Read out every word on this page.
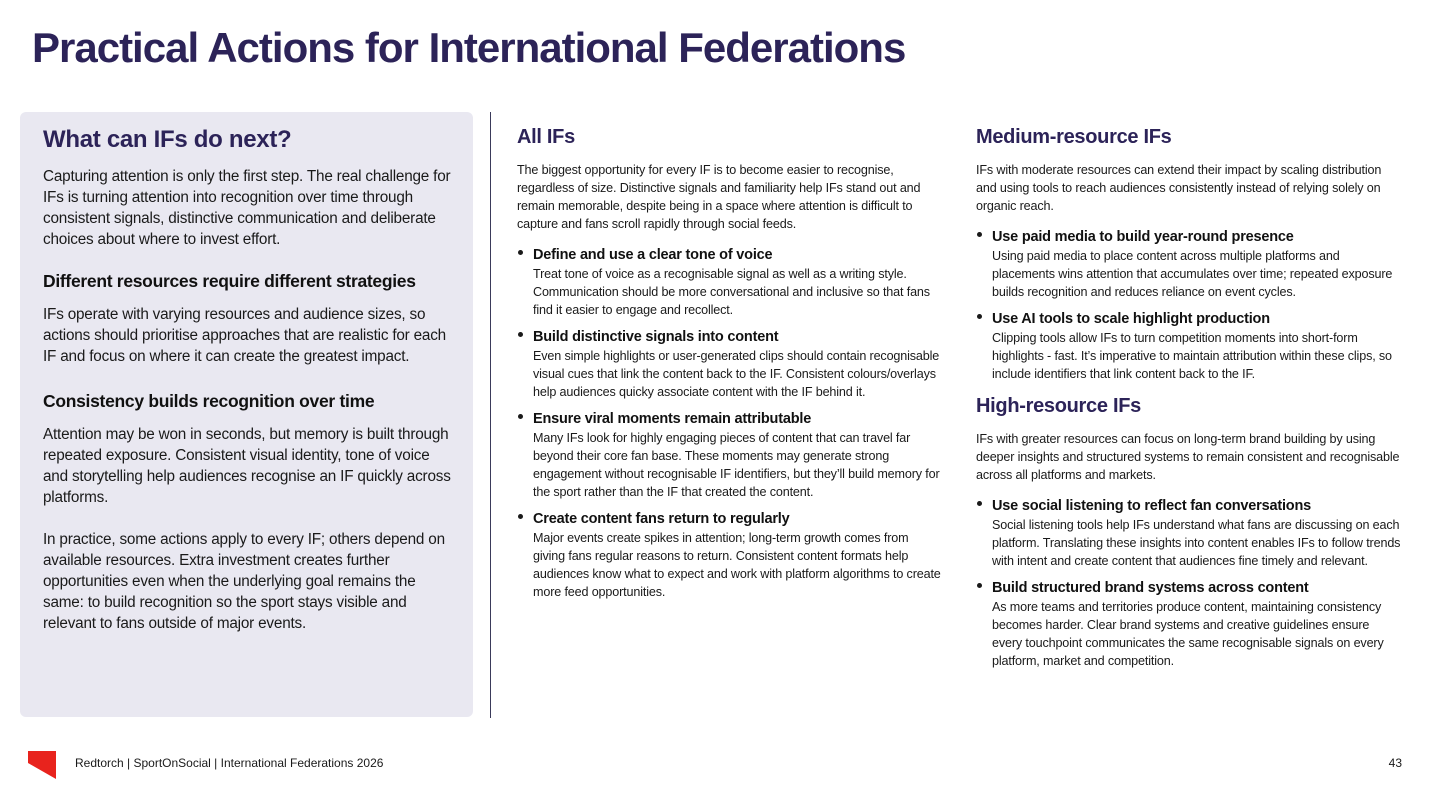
Practical Actions for International Federations
What can IFs do next?

Capturing attention is only the first step. The real challenge for IFs is turning attention into recognition over time through consistent signals, distinctive communication and deliberate choices about where to invest effort.

Different resources require different strategies

IFs operate with varying resources and audience sizes, so actions should prioritise approaches that are realistic for each IF and focus on where it can create the greatest impact.

Consistency builds recognition over time

Attention may be won in seconds, but memory is built through repeated exposure. Consistent visual identity, tone of voice and storytelling help audiences recognise an IF quickly across platforms.

In practice, some actions apply to every IF; others depend on available resources. Extra investment creates further opportunities even when the underlying goal remains the same: to build recognition so the sport stays visible and relevant to fans outside of major events.

All IFs

The biggest opportunity for every IF is to become easier to recognise, regardless of size. Distinctive signals and familiarity help IFs stand out and remain memorable, despite being in a space where attention is difficult to capture and fans scroll rapidly through social feeds.

Define and use a clear tone of voice
Treat tone of voice as a recognisable signal as well as a writing style. Communication should be more conversational and inclusive so that fans find it easier to engage and recollect.
Build distinctive signals into content
Even simple highlights or user-generated clips should contain recognisable visual cues that link the content back to the IF. Consistent colours/overlays help audiences quicky associate content with the IF behind it.
Ensure viral moments remain attributable
Many IFs look for highly engaging pieces of content that can travel far beyond their core fan base. These moments may generate strong engagement without recognisable IF identifiers, but they’ll build memory for the sport rather than the IF that created the content.
Create content fans return to regularly
Major events create spikes in attention; long-term growth comes from giving fans regular reasons to return. Consistent content formats help audiences know what to expect and work with platform algorithms to create more feed opportunities.
Medium-resource IFs

IFs with moderate resources can extend their impact by scaling distribution and using tools to reach audiences consistently instead of relying solely on organic reach.

Use paid media to build year-round presence
Using paid media to place content across multiple platforms and placements wins attention that accumulates over time; repeated exposure builds recognition and reduces reliance on event cycles.
Use AI tools to scale highlight production
Clipping tools allow IFs to turn competition moments into short-form highlights - fast. It’s imperative to maintain attribution within these clips, so include identifiers that link content back to the IF.
High-resource IFs

IFs with greater resources can focus on long-term brand building by using deeper insights and structured systems to remain consistent and recognisable across all platforms and markets.

Use social listening to reflect fan conversations
Social listening tools help IFs understand what fans are discussing on each platform. Translating these insights into content enables IFs to follow trends with intent and create content that audiences fine timely and relevant.
Build structured brand systems across content
As more teams and territories produce content, maintaining consistency becomes harder. Clear brand systems and creative guidelines ensure every touchpoint communicates the same recognisable signals on every platform, market and competition.
Redtorch | SportOnSocial | International Federations 2026	43
